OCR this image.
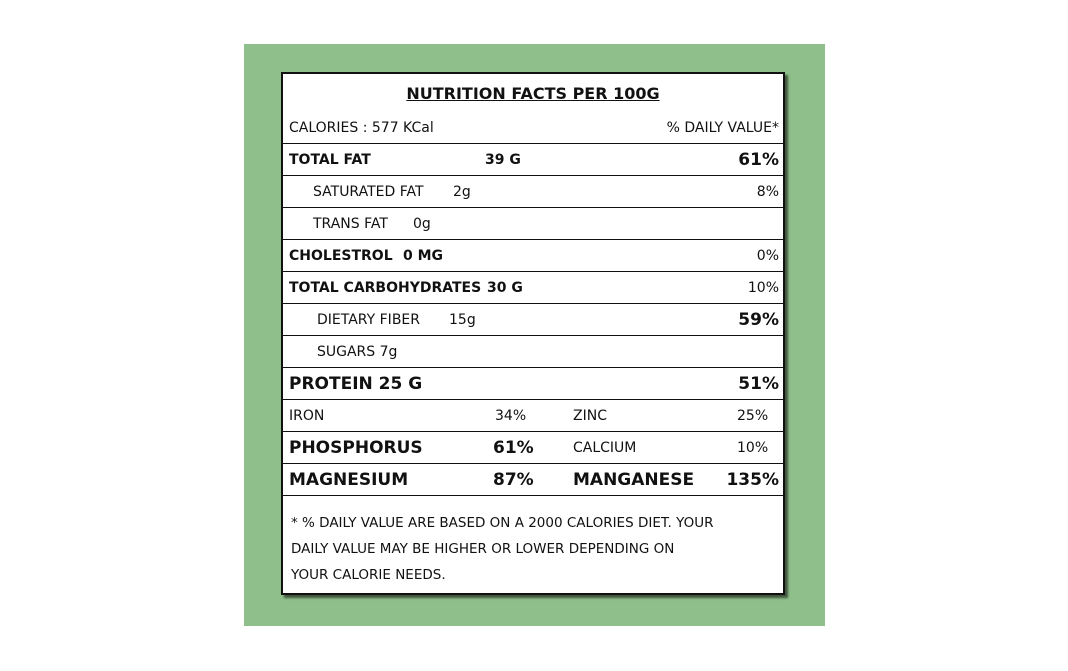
NUTRITION FACTS PER 100G
CALORIES : 577 KCal	% DAILY VALUE*
TOTAL FAT	39 G	61%
SATURATED FAT 2g	8%
TRANS FAT 0g
CHOLESTROL 0 MG	0%
TOTAL CARBOHYDRATES 30 G	10%
DIETARY FIBER 15g	59%
SUGARS 7g
PROTEIN 25 G	51%
IRON	34%	ZINC	25%
PHOSPHORUS	61%	CALCIUM	10%
MAGNESIUM	87% MANGANESE 135%
* % DAILY VALUE ARE BASED ON A 2000 CALORIES DIET. YOUR
DAILY VALUE MAY BE HIGHER OR LOWER DEPENDING ON
YOUR CALORIE NEEDS.
